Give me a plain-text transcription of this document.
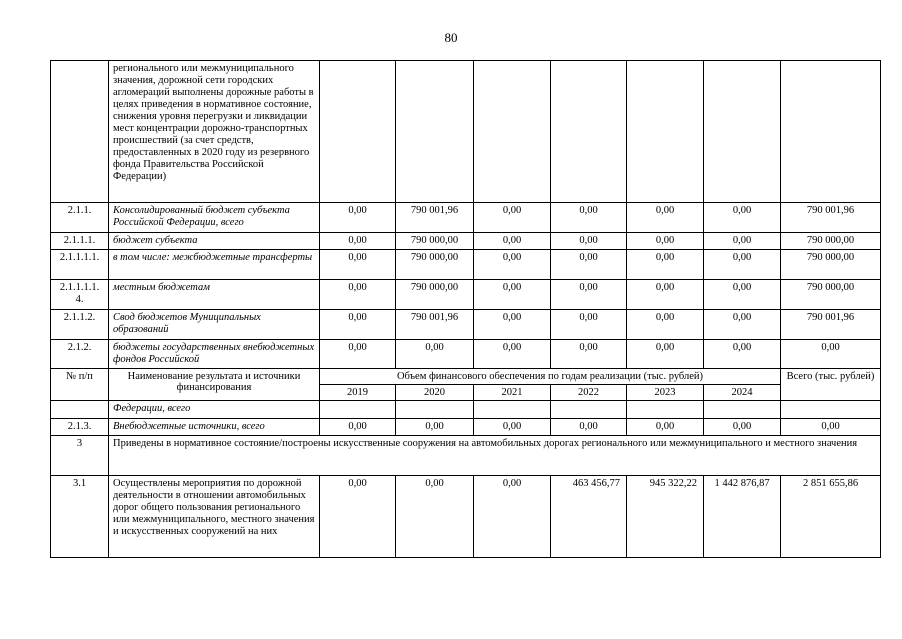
80
	регионального или межмуниципального значения, дорожной сети городских агломераций выполнены дорожные работы в целях приведения в нормативное состояние, снижения уровня перегрузки и ликвидации мест концентрации дорожно-транспортных происшествий (за счет средств, предоставленных в 2020 году из резервного фонда Правительства Российской Федерации)							
2.1.1.	Консолидированный бюджет субъекта Российской Федерации, всего	0,00	790 001,96	0,00	0,00	0,00	0,00	790 001,96
2.1.1.1.	бюджет субъекта	0,00	790 000,00	0,00	0,00	0,00	0,00	790 000,00
2.1.1.1.1.	в том числе: межбюджетные трансферты	0,00	790 000,00	0,00	0,00	0,00	0,00	790 000,00
2.1.1.1.1. 4.	местным бюджетам	0,00	790 000,00	0,00	0,00	0,00	0,00	790 000,00
2.1.1.2.	Свод бюджетов Муниципальных образований	0,00	790 001,96	0,00	0,00	0,00	0,00	790 001,96
2.1.2.	бюджеты государственных внебюджетных фондов Российской	0,00	0,00	0,00	0,00	0,00	0,00	0,00
№ п/п	Наименование результата и источники финансирования	Объем финансового обеспечения по годам реализации (тыс. рублей)						Всего (тыс. рублей)
		2019	2020	2021	2022	2023	2024	
	Федерации, всего							
2.1.3.	Внебюджетные источники, всего	0,00	0,00	0,00	0,00	0,00	0,00	0,00
3	Приведены в нормативное состояние/построены искусственные сооружения на автомобильных дорогах регионального или межмуниципального и местного значения							
3.1	Осуществлены мероприятия по дорожной деятельности в отношении автомобильных дорог общего пользования регионального или межмуниципального, местного значения и искусственных сооружений на них	0,00	0,00	0,00	463 456,77	945 322,22	1 442 876,87	2 851 655,86
